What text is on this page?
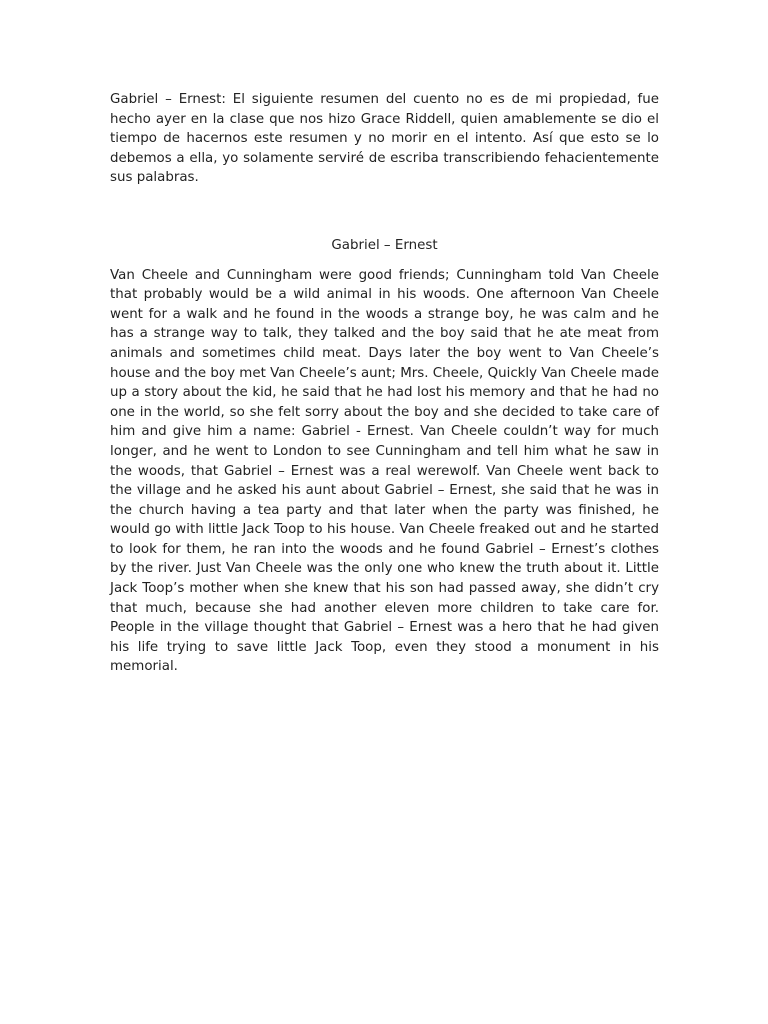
Gabriel – Ernest: El siguiente resumen del cuento no es de mi propiedad, fue hecho ayer en la clase que nos hizo Grace Riddell, quien amablemente se dio el tiempo de hacernos este resumen y no morir en el intento. Así que esto se lo debemos a ella, yo solamente serviré de escriba transcribiendo fehacientemente sus palabras.

Gabriel – Ernest

Van Cheele and Cunningham were good friends; Cunningham told Van Cheele that probably would be a wild animal in his woods. One afternoon Van Cheele went for a walk and he found in the woods a strange boy, he was calm and he has a strange way to talk, they talked and the boy said that he ate meat from animals and sometimes child meat. Days later the boy went to Van Cheele’s house and the boy met Van Cheele’s aunt; Mrs. Cheele, Quickly Van Cheele made up a story about the kid, he said that he had lost his memory and that he had no one in the world, so she felt sorry about the boy and she decided to take care of him and give him a name: Gabriel - Ernest. Van Cheele couldn’t way for much longer, and he went to London to see Cunningham and tell him what he saw in the woods, that Gabriel – Ernest was a real werewolf. Van Cheele went back to the village and he asked his aunt about Gabriel – Ernest, she said that he was in the church having a tea party and that later when the party was finished, he would go with little Jack Toop to his house. Van Cheele freaked out and he started to look for them, he ran into the woods and he found Gabriel – Ernest’s clothes by the river. Just Van Cheele was the only one who knew the truth about it. Little Jack Toop’s mother when she knew that his son had passed away, she didn’t cry that much, because she had another eleven more children to take care for. People in the village thought that Gabriel – Ernest was a hero that he had given his life trying to save little Jack Toop, even they stood a monument in his memorial.
